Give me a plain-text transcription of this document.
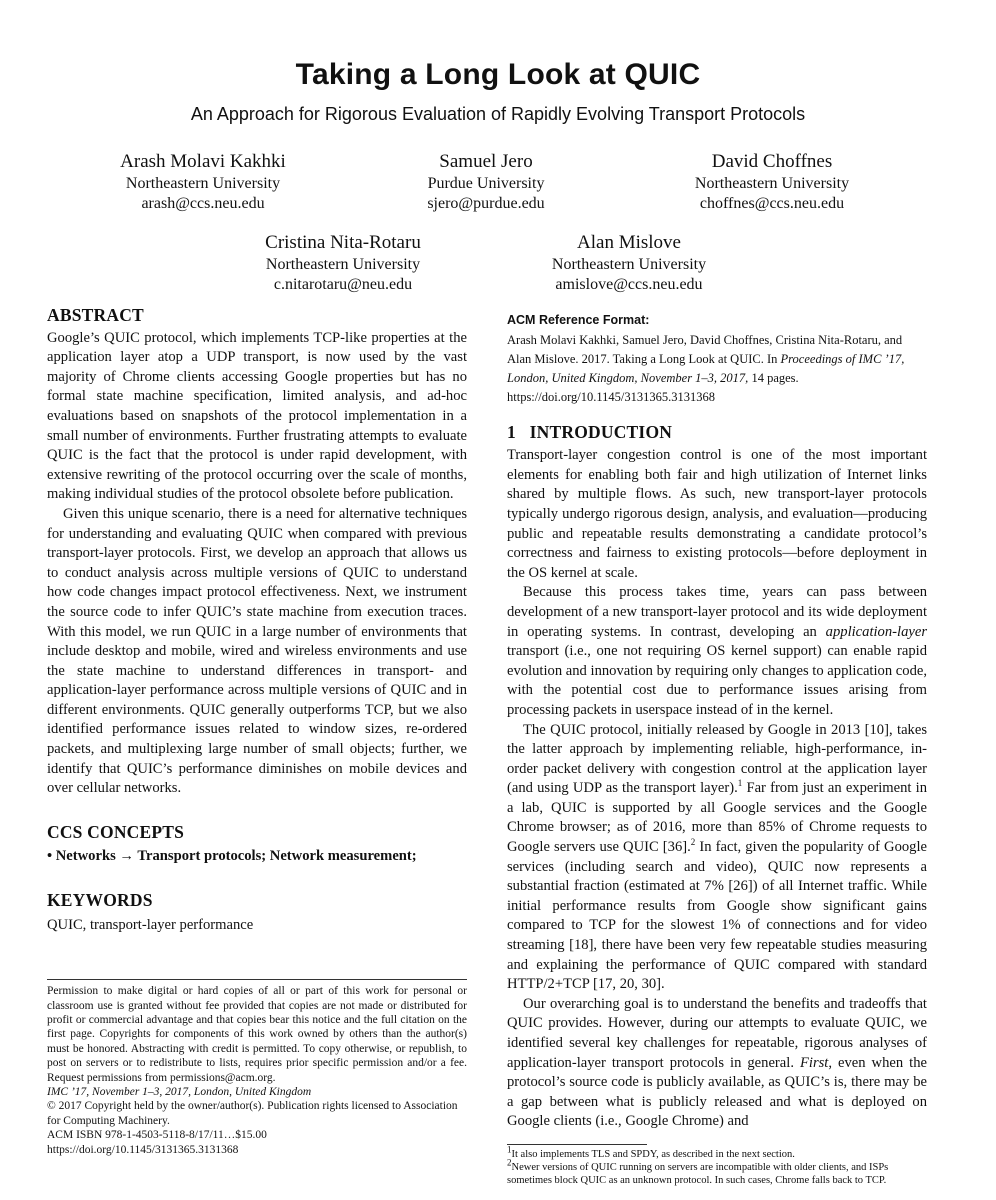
Taking a Long Look at QUIC
An Approach for Rigorous Evaluation of Rapidly Evolving Transport Protocols
Arash Molavi Kakhki
Northeastern University
arash@ccs.neu.edu
Samuel Jero
Purdue University
sjero@purdue.edu
David Choffnes
Northeastern University
choffnes@ccs.neu.edu
Cristina Nita-Rotaru
Northeastern University
c.nitarotaru@neu.edu
Alan Mislove
Northeastern University
amislove@ccs.neu.edu
ABSTRACT

Google’s QUIC protocol, which implements TCP-like properties at the application layer atop a UDP transport, is now used by the vast majority of Chrome clients accessing Google properties but has no formal state machine specification, limited analysis, and ad-hoc evaluations based on snapshots of the protocol implementation in a small number of environments. Further frustrating attempts to evaluate QUIC is the fact that the protocol is under rapid development, with extensive rewriting of the protocol occurring over the scale of months, making individual studies of the protocol obsolete before publication.

Given this unique scenario, there is a need for alternative techniques for understanding and evaluating QUIC when compared with previous transport-layer protocols. First, we develop an approach that allows us to conduct analysis across multiple versions of QUIC to understand how code changes impact protocol effectiveness. Next, we instrument the source code to infer QUIC’s state machine from execution traces. With this model, we run QUIC in a large number of environments that include desktop and mobile, wired and wireless environments and use the state machine to understand differences in transport- and application-layer performance across multiple versions of QUIC and in different environments. QUIC generally outperforms TCP, but we also identified performance issues related to window sizes, re-ordered packets, and multiplexing large number of small objects; further, we identify that QUIC’s performance diminishes on mobile devices and over cellular networks.

CCS CONCEPTS

• Networks → Transport protocols; Network measurement;

KEYWORDS

QUIC, transport-layer performance

Permission to make digital or hard copies of all or part of this work for personal or classroom use is granted without fee provided that copies are not made or distributed for profit or commercial advantage and that copies bear this notice and the full citation on the first page. Copyrights for components of this work owned by others than the author(s) must be honored. Abstracting with credit is permitted. To copy otherwise, or republish, to post on servers or to redistribute to lists, requires prior specific permission and/or a fee. Request permissions from permissions@acm.org.

IMC ’17, November 1–3, 2017, London, United Kingdom

© 2017 Copyright held by the owner/author(s). Publication rights licensed to Association for Computing Machinery.

ACM ISBN 978-1-4503-5118-8/17/11…$15.00

https://doi.org/10.1145/3131365.3131368

ACM Reference Format:
Arash Molavi Kakhki, Samuel Jero, David Choffnes, Cristina Nita-Rotaru, and Alan Mislove. 2017. Taking a Long Look at QUIC. In Proceedings of IMC ’17, London, United Kingdom, November 1–3, 2017, 14 pages.
https://doi.org/10.1145/3131365.3131368
1   INTRODUCTION

Transport-layer congestion control is one of the most important elements for enabling both fair and high utilization of Internet links shared by multiple flows. As such, new transport-layer protocols typically undergo rigorous design, analysis, and evaluation—producing public and repeatable results demonstrating a candidate protocol’s correctness and fairness to existing protocols—before deployment in the OS kernel at scale.

Because this process takes time, years can pass between development of a new transport-layer protocol and its wide deployment in operating systems. In contrast, developing an application-layer transport (i.e., one not requiring OS kernel support) can enable rapid evolution and innovation by requiring only changes to application code, with the potential cost due to performance issues arising from processing packets in userspace instead of in the kernel.

The QUIC protocol, initially released by Google in 2013 [10], takes the latter approach by implementing reliable, high-performance, in-order packet delivery with congestion control at the application layer (and using UDP as the transport layer).$^1$ Far from just an experiment in a lab, QUIC is supported by all Google services and the Google Chrome browser; as of 2016, more than 85% of Chrome requests to Google servers use QUIC [36].$^2$ In fact, given the popularity of Google services (including search and video), QUIC now represents a substantial fraction (estimated at 7% [26]) of all Internet traffic. While initial performance results from Google show significant gains compared to TCP for the slowest 1% of connections and for video streaming [18], there have been very few repeatable studies measuring and explaining the performance of QUIC compared with standard HTTP/2+TCP [17, 20, 30].

Our overarching goal is to understand the benefits and tradeoffs that QUIC provides. However, during our attempts to evaluate QUIC, we identified several key challenges for repeatable, rigorous analyses of application-layer transport protocols in general. First, even when the protocol’s source code is publicly available, as QUIC’s is, there may be a gap between what is publicly released and what is deployed on Google clients (i.e., Google Chrome) and

$^1$It also implements TLS and SPDY, as described in the next section.

$^2$Newer versions of QUIC running on servers are incompatible with older clients, and ISPs sometimes block QUIC as an unknown protocol. In such cases, Chrome falls back to TCP.
